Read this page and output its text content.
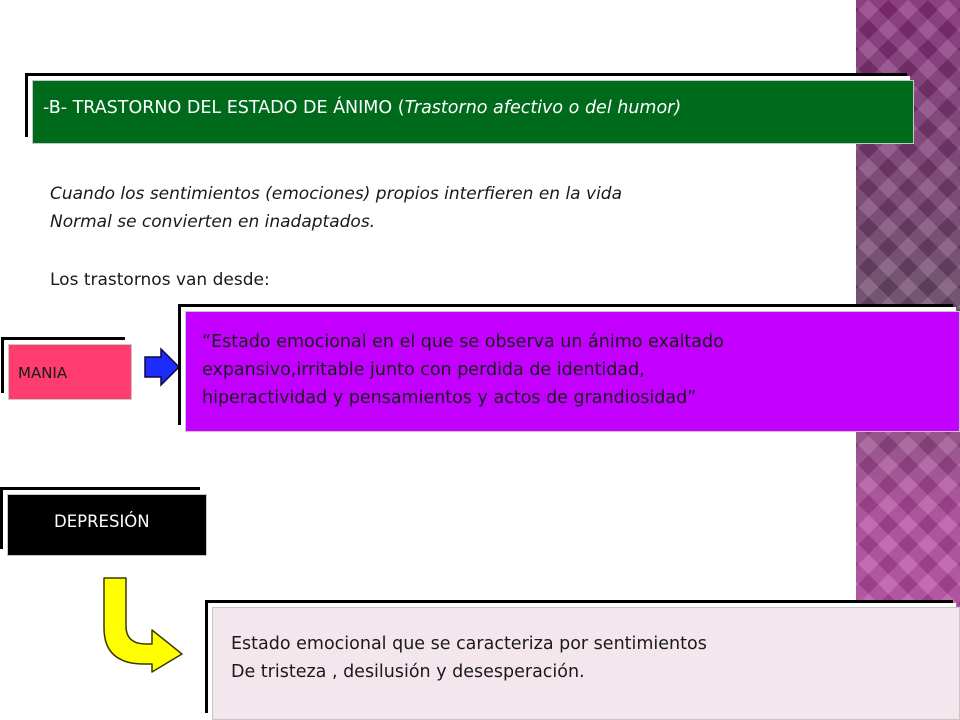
-B- TRASTORNO DEL ESTADO DE ÁNIMO (Trastorno afectivo o del humor)

Cuando los sentimientos (emociones) propios interfieren en la vida
Normal se convierten en inadaptados.

Los trastornos van desde:

MANIA
“Estado emocional en el que se observa un ánimo exaltado
expansivo,irritable junto con perdida de identidad,
hiperactividad y pensamientos y actos de grandiosidad”
DEPRESIÓN
Estado emocional que se caracteriza por sentimientos
De tristeza , desilusión y desesperación.
